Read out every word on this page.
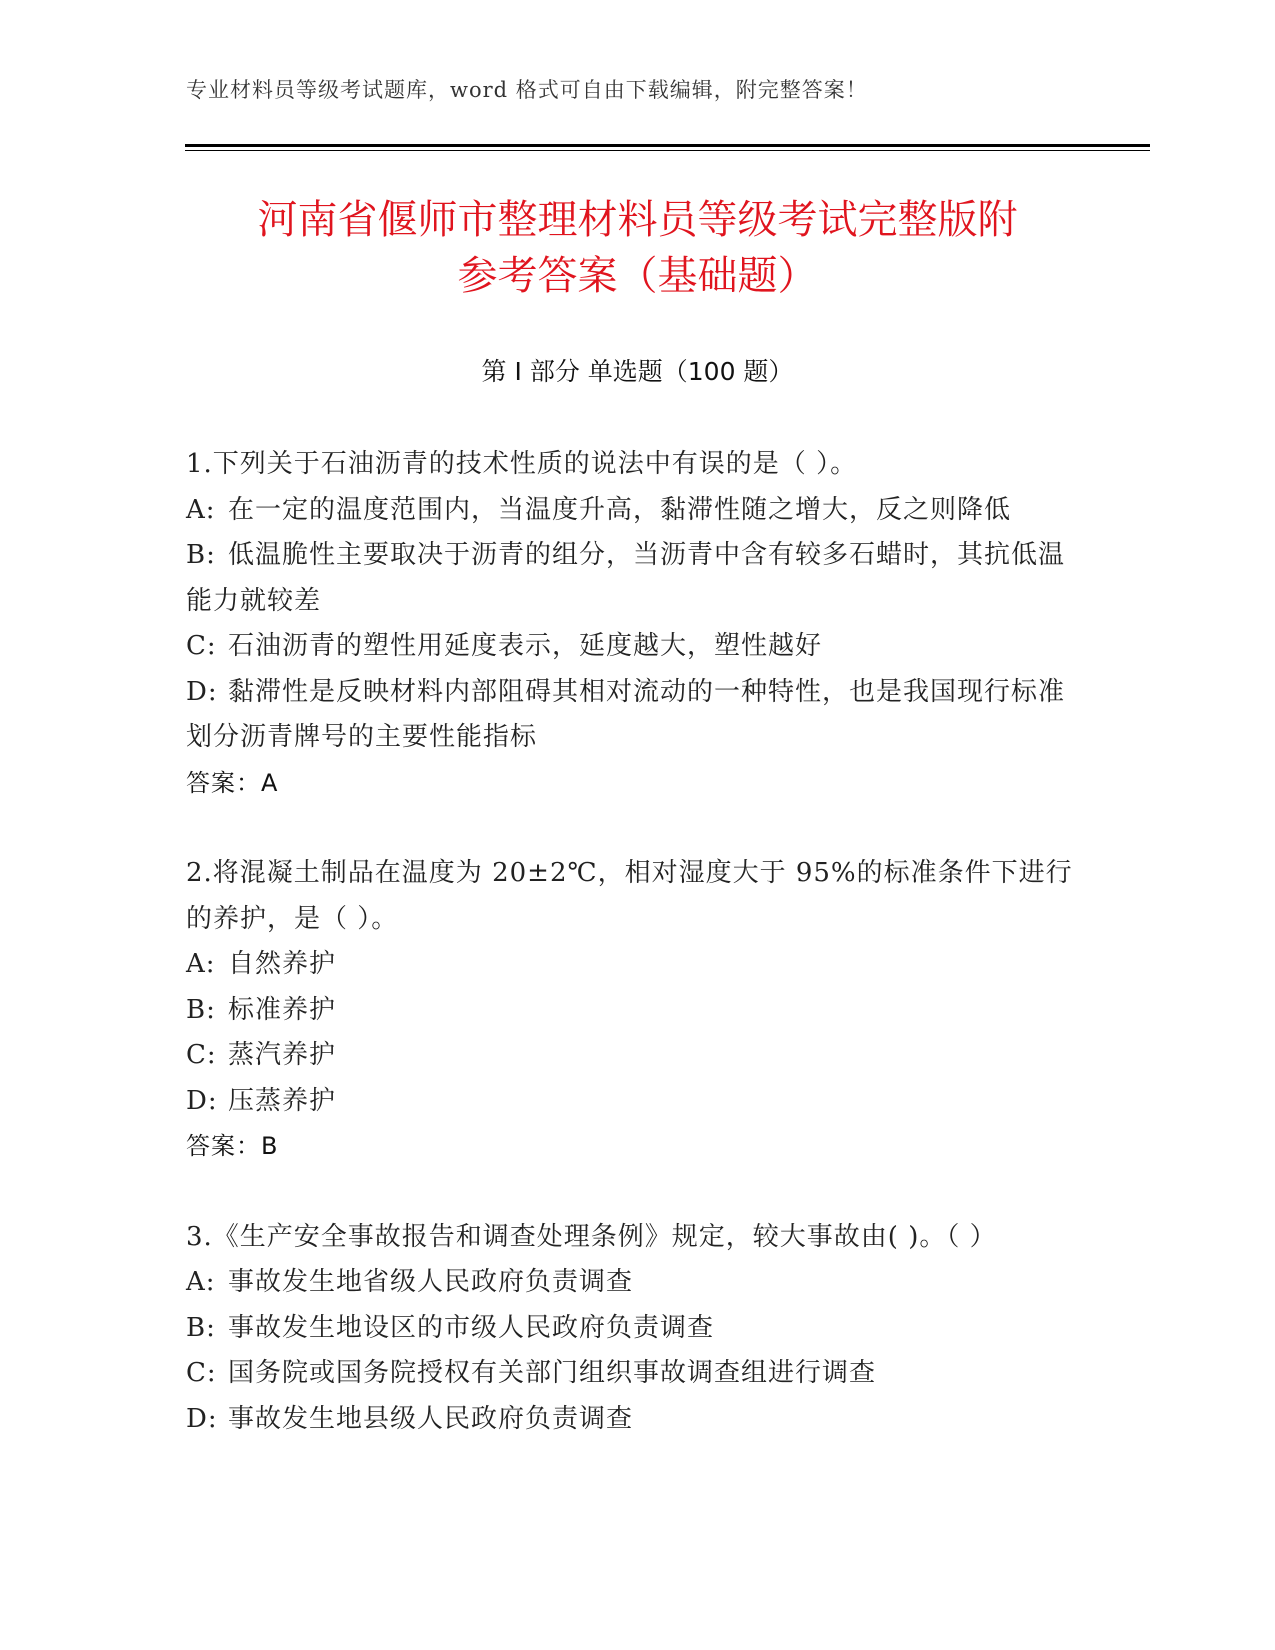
专业材料员等级考试题库，word 格式可自由下载编辑，附完整答案！
河南省偃师市整理材料员等级考试完整版附
参考答案（基础题）
第 I 部分 单选题（100 题）

1.下列关于石油沥青的技术性质的说法中有误的是（ ）。

A: 在一定的温度范围内，当温度升高，黏滞性随之增大，反之则降低

B: 低温脆性主要取决于沥青的组分，当沥青中含有较多石蜡时，其抗低温能力就较差

C: 石油沥青的塑性用延度表示，延度越大，塑性越好

D: 黏滞性是反映材料内部阻碍其相对流动的一种特性，也是我国现行标准划分沥青牌号的主要性能指标

答案：A

2.将混凝土制品在温度为 20±2℃，相对湿度大于 95%的标准条件下进行的养护，是（ ）。

A: 自然养护

B: 标准养护

C: 蒸汽养护

D: 压蒸养护

答案：B

3.《生产安全事故报告和调查处理条例》规定，较大事故由( )。（ ）

A: 事故发生地省级人民政府负责调查

B: 事故发生地设区的市级人民政府负责调查

C: 国务院或国务院授权有关部门组织事故调查组进行调查

D: 事故发生地县级人民政府负责调查
